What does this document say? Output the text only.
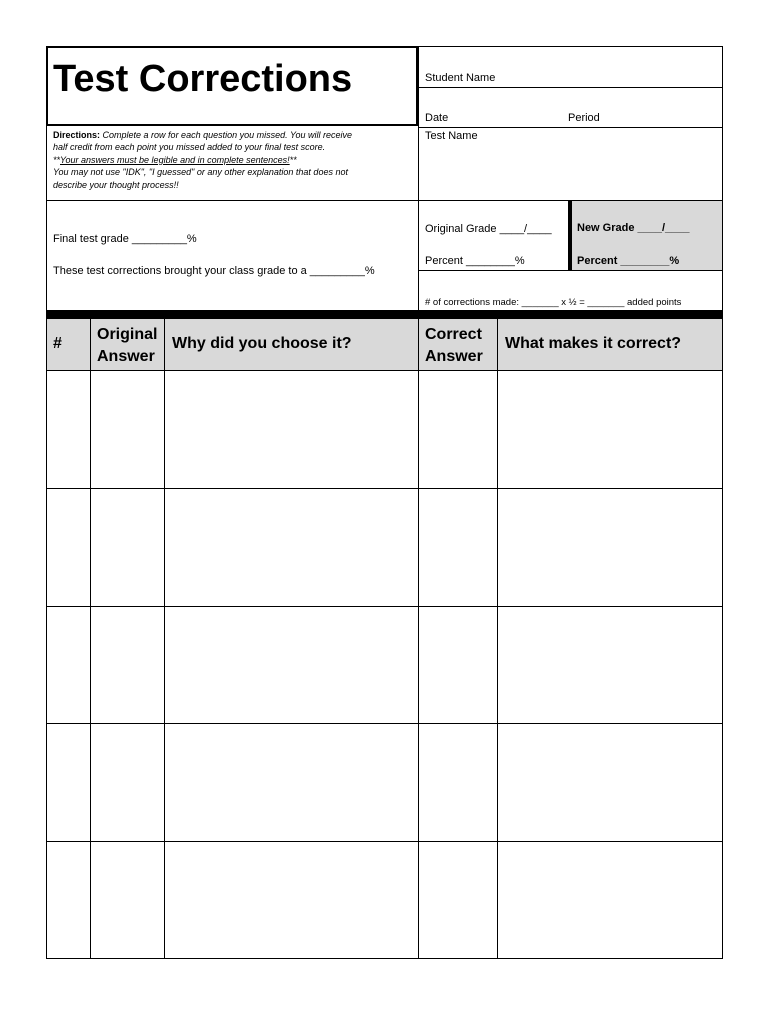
Test Corrections	Student Name
Date	Period
Test Name
Directions: Complete a row for each question you missed. You will receive
half credit from each point you missed added to your final test score.
**Your answers must be legible and in complete sentences!**
You may not use "IDK", "I guessed" or any other explanation that does not
describe your thought process!!
Final test grade _________%
These test corrections brought your class grade to a _________%
Original Grade ____/____
Percent ________%
New Grade ____/____
Percent ________%
# of corrections made: _______ x ½ = _______ added points
#
Original
Answer
Why did you choose it?
Correct
Answer
What makes it correct?
